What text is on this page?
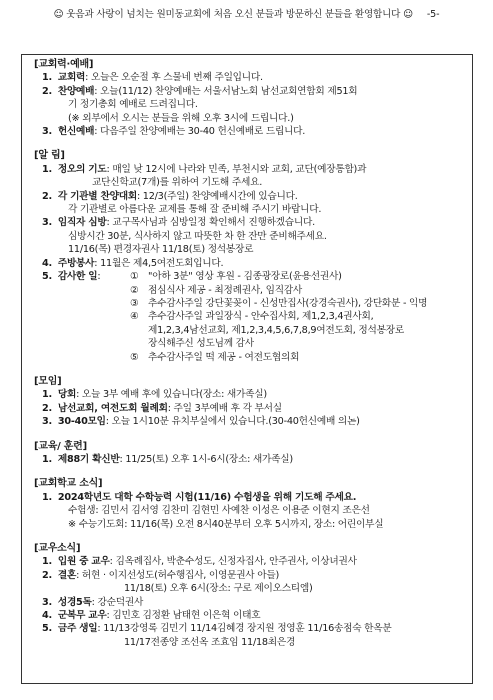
☺ 웃음과 사랑이 넘치는 원미동교회에 처음 오신 분들과 방문하신 분들을 환영합니다 ☺ -5-
[교회력·예배]
1. 교회력: 오늘은 오순절 후 스물네 번째 주일입니다.
2. 찬양예배: 오늘(11/12) 찬양예배는 서울서남노회 남선교회연합회 제51회
기 정기총회 예배로 드려집니다.
(※ 외부에서 오시는 분들을 위해 오후 3시에 드립니다.)
3. 헌신예배: 다음주일 찬양예배는 30-40 헌신예배로 드립니다.
[알 림]
1. 정오의 기도: 매일 낮 12시에 나라와 민족, 부천시와 교회, 교단(예장통합)과
교단신학교(7개)를 위하여 기도해 주세요.
2. 각 기관별 찬양대회: 12/3(주일) 찬양예배시간에 있습니다.
각 기관별로 아름다운 교제를 통해 잘 준비해 주시기 바랍니다.
3. 임직자 심방: 교구목사님과 심방일정 확인해서 진행하겠습니다.
심방시간 30분, 식사하지 않고 따뜻한 차 한 잔만 준비해주세요.
11/16(목) 편경자권사 11/18(토) 정석봉장로
4. 주방봉사: 11월은 제4,5여전도회입니다.
5. 감사한 일:	① "아하 3분" 영상 후원 - 김종광장로(윤용선권사)
② 점심식사 제공 - 최정례권사, 임직감사
③ 추수감사주일 강단꽃꽂이 - 신성만집사(강경숙권사), 강단화분 - 익명
④ 추수감사주일 과일장식 - 안수집사회, 제1,2,3,4권사회,
제1,2,3,4남선교회, 제1,2,3,4,5,6,7,8,9여전도회, 정석봉장로
장식해주신 성도님께 감사
⑤ 추수감사주일 떡 제공 - 여전도협의회
[모임]
1. 당회: 오늘 3부 예배 후에 있습니다(장소: 새가족실)
2. 남선교회, 여전도회 월례회: 주일 3부예배 후 각 부서실
3. 30-40모임: 오늘 1시10분 유치부실에서 있습니다.(30-40헌신예배 의논)
[교육/ 훈련]
1. 제88기 확신반: 11/25(토) 오후 1시-6시(장소: 새가족실)
[교회학교 소식]
1. 2024학년도 대학 수학능력 시험(11/16) 수험생을 위해 기도해 주세요.
수험생: 김민서 김서영 김찬미 김현민 사예찬 이성은 이용준 이현지 조은선
※ 수능기도회: 11/16(목) 오전 8시40분부터 오후 5시까지, 장소: 어린이부실
[교우소식]
1. 입원 중 교우: 김옥례집사, 박춘수성도, 신정자집사, 안주권사, 이상녀권사
2. 결혼: 허현 · 이지선성도(허수행집사, 이영문권사 아들)
11/18(토) 오후 6시(장소: 구로 제이오스티엠)
3. 성경5독: 강순덕권사
4. 군복무 교우: 김민호 김정환 남태현 이은혁 이태호
5. 금주 생일: 11/13강영록 김민기 11/14김혜경 장지원 정영훈 11/16송점숙 한옥분
11/17전종양 조선옥 조효임 11/18최은경
